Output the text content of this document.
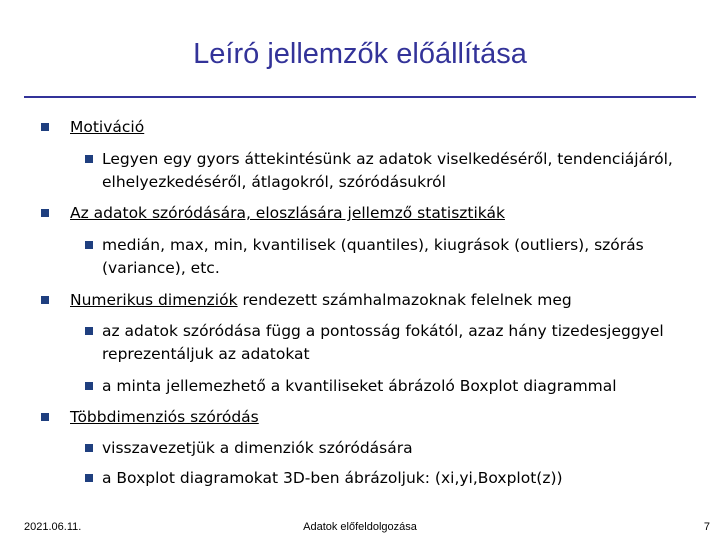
Leíró jellemzők előállítása
Motiváció
Legyen egy gyors áttekintésünk az adatok viselkedéséről, tendenciájáról, elhelyezkedéséről, átlagokról, szóródásukról
Az adatok szóródására, eloszlására jellemző statisztikák
medián, max, min, kvantilisek (quantiles), kiugrások (outliers), szórás (variance), etc.
Numerikus dimenziók rendezett számhalmazoknak felelnek meg
az adatok szóródása függ a pontosság fokától, azaz hány tizedesjeggyel reprezentáljuk az adatokat
a minta jellemezhető a kvantiliseket ábrázoló Boxplot diagrammal
Többdimenziós szóródás
visszavezetjük a dimenziók szóródására
a Boxplot diagramokat 3D-ben ábrázoljuk: (xi,yi,Boxplot(z))
2021.06.11.	Adatok előfeldolgozása	7
